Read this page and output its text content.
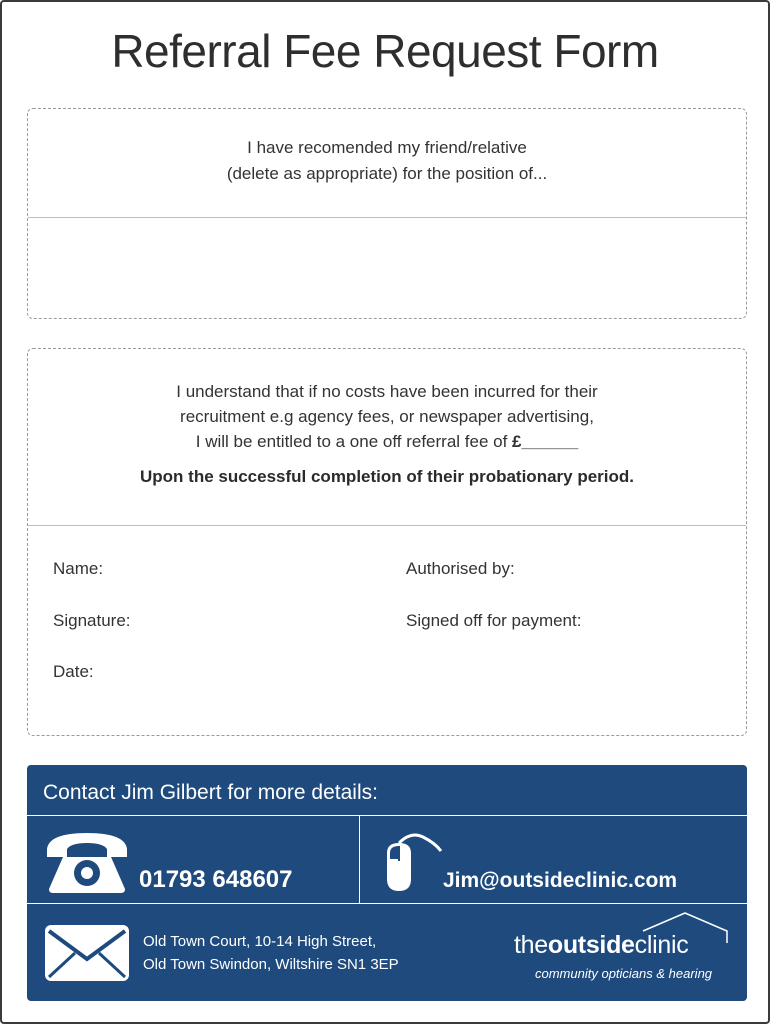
Referral Fee Request Form
I have recomended my friend/relative
(delete as appropriate) for the position of...
I understand that if no costs have been incurred for their
recruitment e.g agency fees, or newspaper advertising,
I will be entitled to a one off referral fee of £______
Upon the successful completion of their probationary period.
Name:
Signature:
Date:
Authorised by:
Signed off for payment:
Contact Jim Gilbert for more details:
01793 648607	Jim@outsideclinic.com
Old Town Court, 10-14 High Street,
Old Town Swindon, Wiltshire SN1 3EP
theoutsideclinic
community opticians & hearing
